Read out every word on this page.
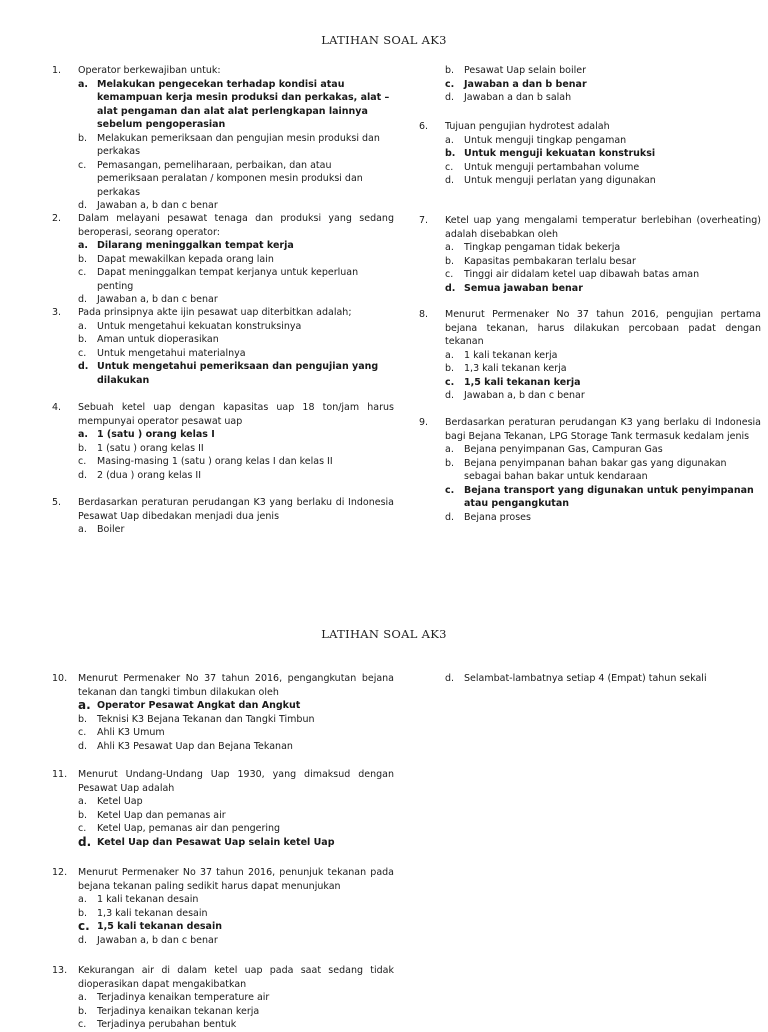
LATIHAN SOAL AK3
1.	Operator berkewajiban untuk:
a. Melakukan pengecekan terhadap kondisi atau kemampuan kerja mesin produksi dan perkakas, alat – alat pengaman dan alat alat perlengkapan lainnya sebelum pengoperasian
b. Melakukan pemeriksaan dan pengujian mesin produksi dan perkakas
c. Pemasangan, pemeliharaan, perbaikan, dan atau pemeriksaan peralatan / komponen mesin produksi dan perkakas
d. Jawaban a, b dan c benar
2.	Dalam melayani pesawat tenaga dan produksi yang sedang beroperasi, seorang operator:
a. Dilarang meninggalkan tempat kerja
b. Dapat mewakilkan kepada orang lain
c. Dapat meninggalkan tempat kerjanya untuk keperluan penting
d. Jawaban a, b dan c benar
3.	Pada prinsipnya akte ijin pesawat uap diterbitkan adalah;
a. Untuk mengetahui kekuatan konstruksinya
b. Aman untuk dioperasikan
c. Untuk mengetahui materialnya
d. Untuk mengetahui pemeriksaan dan pengujian yang dilakukan
4.	Sebuah ketel uap dengan kapasitas uap 18 ton/jam harus mempunyai operator pesawat uap
a. 1 (satu ) orang kelas I
b. 1 (satu ) orang kelas II
c. Masing-masing 1 (satu ) orang kelas I dan kelas II
d. 2 (dua ) orang kelas II
5.	Berdasarkan peraturan perudangan K3 yang berlaku di Indonesia Pesawat Uap dibedakan menjadi dua jenis
a. Boiler
b. Pesawat Uap selain boiler
c. Jawaban a dan b benar
d. Jawaban a dan b salah
6.	Tujuan pengujian hydrotest adalah
a. Untuk menguji tingkap pengaman
b. Untuk menguji kekuatan konstruksi
c. Untuk menguji pertambahan volume
d. Untuk menguji perlatan yang digunakan
7.	Ketel uap yang mengalami temperatur berlebihan (overheating) adalah disebabkan oleh
a. Tingkap pengaman tidak bekerja
b. Kapasitas pembakaran terlalu besar
c. Tinggi air didalam ketel uap dibawah batas aman
d. Semua jawaban benar
8.	Menurut Permenaker No 37 tahun 2016, pengujian pertama bejana tekanan, harus dilakukan percobaan padat dengan tekanan
a. 1 kali tekanan kerja
b. 1,3 kali tekanan kerja
c. 1,5 kali tekanan kerja
d. Jawaban a, b dan c benar
9.	Berdasarkan peraturan perudangan K3 yang berlaku di Indonesia bagi Bejana Tekanan, LPG Storage Tank termasuk kedalam jenis
a. Bejana penyimpanan Gas, Campuran Gas
b. Bejana penyimpanan bahan bakar gas yang digunakan sebagai bahan bakar untuk kendaraan
c. Bejana transport yang digunakan untuk penyimpanan atau pengangkutan
d. Bejana proses
LATIHAN SOAL AK3
10.	Menurut Permenaker No 37 tahun 2016, pengangkutan bejana tekanan dan tangki timbun dilakukan oleh
a. Operator Pesawat Angkat dan Angkut
b. Teknisi K3 Bejana Tekanan dan Tangki Timbun
c. Ahli K3 Umum
d. Ahli K3 Pesawat Uap dan Bejana Tekanan
11.	Menurut Undang-Undang Uap 1930, yang dimaksud dengan Pesawat Uap adalah
a. Ketel Uap
b. Ketel Uap dan pemanas air
c. Ketel Uap, pemanas air dan pengering
d. Ketel Uap dan Pesawat Uap selain ketel Uap
12.	Menurut Permenaker No 37 tahun 2016, penunjuk tekanan pada bejana tekanan paling sedikit harus dapat menunjukan
a. 1 kali tekanan desain
b. 1,3 kali tekanan desain
c. 1,5 kali tekanan desain
d. Jawaban a, b dan c benar
13.	Kekurangan air di dalam ketel uap pada saat sedang tidak dioperasikan dapat mengakibatkan
a. Terjadinya kenaikan temperature air
b. Terjadinya kenaikan tekanan kerja
c. Terjadinya perubahan bentuk
d. Selambat-lambatnya setiap 4 (Empat) tahun sekali
